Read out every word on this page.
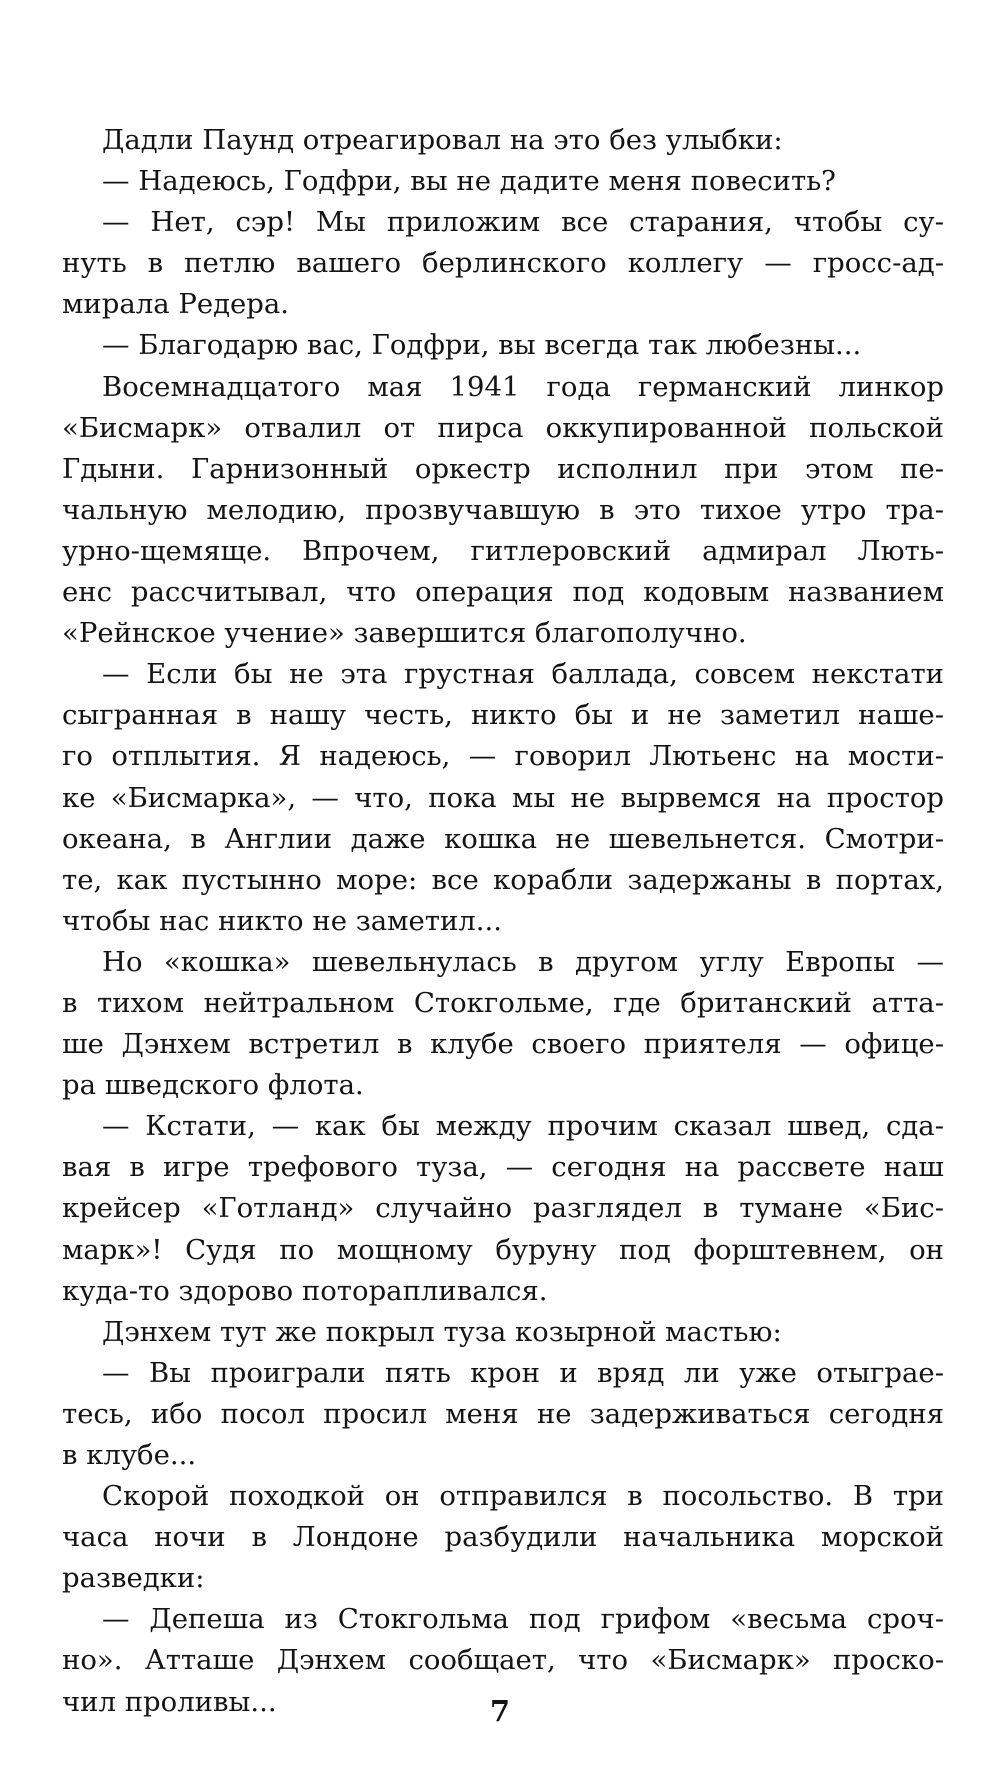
Дадли Паунд отреагировал на это без улыбки:
— Надеюсь, Годфри, вы не дадите меня повесить?
— Нет, сэр! Мы приложим все старания, чтобы су-
нуть в петлю вашего берлинского коллегу — гросс-ад-
мирала Редера.
— Благодарю вас, Годфри, вы всегда так любезны...
Восемнадцатого мая 1941 года германский линкор
«Бисмарк» отвалил от пирса оккупированной польской
Гдыни. Гарнизонный оркестр исполнил при этом пе-
чальную мелодию, прозвучавшую в это тихое утро тра-
урно-щемяще. Впрочем, гитлеровский адмирал Лють-
енс рассчитывал, что операция под кодовым названием
«Рейнское учение» завершится благополучно.
— Если бы не эта грустная баллада, совсем некстати
сыгранная в нашу честь, никто бы и не заметил наше-
го отплытия. Я надеюсь, — говорил Лютьенс на мости-
ке «Бисмарка», — что, пока мы не вырвемся на простор
океана, в Англии даже кошка не шевельнется. Смотри-
те, как пустынно море: все корабли задержаны в портах,
чтобы нас никто не заметил...
Но «кошка» шевельнулась в другом углу Европы —
в тихом нейтральном Стокгольме, где британский атта-
ше Дэнхем встретил в клубе своего приятеля — офице-
ра шведского флота.
— Кстати, — как бы между прочим сказал швед, сда-
вая в игре трефового туза, — сегодня на рассвете наш
крейсер «Готланд» случайно разглядел в тумане «Бис-
марк»! Судя по мощному буруну под форштевнем, он
куда-то здорово поторапливался.
Дэнхем тут же покрыл туза козырной мастью:
— Вы проиграли пять крон и вряд ли уже отыграе-
тесь, ибо посол просил меня не задерживаться сегодня
в клубе...
Скорой походкой он отправился в посольство. В три
часа ночи в Лондоне разбудили начальника морской
разведки:
— Депеша из Стокгольма под грифом «весьма сроч-
но». Атташе Дэнхем сообщает, что «Бисмарк» проско-
чил проливы...	7
